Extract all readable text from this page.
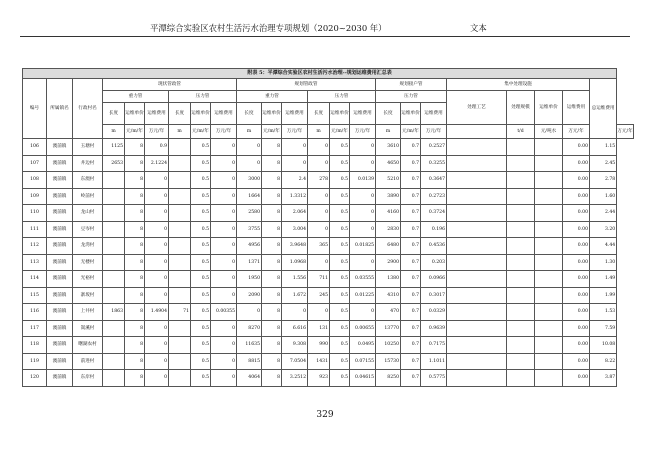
平潭综合实验区农村生活污水治理专项规划（2020~2030 年）	文本
附表 5：平潭综合实验区农村生活污水治理--规划运维费用汇总表																							
编号	所属镇名	行政村名	现状管政管						规划管政管						规划接户管			集中处理设施				总运维费用	
			重力管			压力管			重力管			压力管			压力管			处理工艺	处理规模	运维单价	运维费用		
			长度	运维单价	运维费用	长度	运维单价	运维费用	长度	运维单价	运维费用	长度	运维单价	运维费用	长度	运维单价	运维费用						
			m	元/m/年	万元/年	m	元/m/年	万元/年	m	元/m/年	万元/年	m	元/m/年	万元/年	m	元/m/年	万元/年		t/d	元/吨水	万元/年		万元/年
106	澳前镇	玉塘村	1125	8	0.9		0.5	0	0	8	0	0	0.5	0	3610	0.7	0.2527				0.00	1.15	
107	澳前镇	井边村	2653	8	2.1224		0.5	0	0	8	0	0	0.5	0	4650	0.7	0.3255				0.00	2.45	
108	澳前镇	东澳村		8	0		0.5	0	3000	8	2.4	278	0.5	0.0139	5210	0.7	0.3647				0.00	2.78	
109	澳前镇	岭前村		8	0		0.5	0	1664	8	1.3312	0	0.5	0	3890	0.7	0.2723				0.00	1.60	
110	澳前镇	龙山村		8	0		0.5	0	2580	8	2.064	0	0.5	0	4160	0.7	0.3724				0.00	2.44	
111	澳前镇	豆岑村		8	0		0.5	0	3755	8	3.004	0	0.5	0	2830	0.7	0.196				0.00	3.20	
112	澳前镇	龙湾村		8	0		0.5	0	4956	8	3.9648	365	0.5	0.01825	6480	0.7	0.4536				0.00	4.44	
113	澳前镇	无楼村		8	0		0.5	0	1371	8	1.0968	0	0.5	0	2900	0.7	0.203				0.00	1.30	
114	澳前镇	光裕村		8	0		0.5	0	1950	8	1.556	711	0.5	0.03555	1380	0.7	0.0966				0.00	1.49	
115	澳前镇	寨坂村		8	0		0.5	0	2090	8	1.672	245	0.5	0.01225	4310	0.7	0.3017				0.00	1.99	
116	澳前镇	上井村	1863	8	1.4904	71	0.5	0.00355	0	8	0	0	0.5	0	470	0.7	0.0329				0.00	1.53	
117	澳前镇	嵩溪村		8	0		0.5	0	8270	8	6.616	131	0.5	0.00655	13770	0.7	0.9639				0.00	7.59	
118	澳前镇	曙湖农村		8	0		0.5	0	11635	8	9.308	990	0.5	0.0495	10250	0.7	0.7175				0.00	10.08	
119	澳前镇	前进村		8	0		0.5	0	8815	8	7.0504	1431	0.5	0.07155	15730	0.7	1.1011				0.00	8.22	
120	澳前镇	东岸村		8	0		0.5	0	4064	8	3.2512	923	0.5	0.04615	8250	0.7	0.5775				0.00	3.87	
329
